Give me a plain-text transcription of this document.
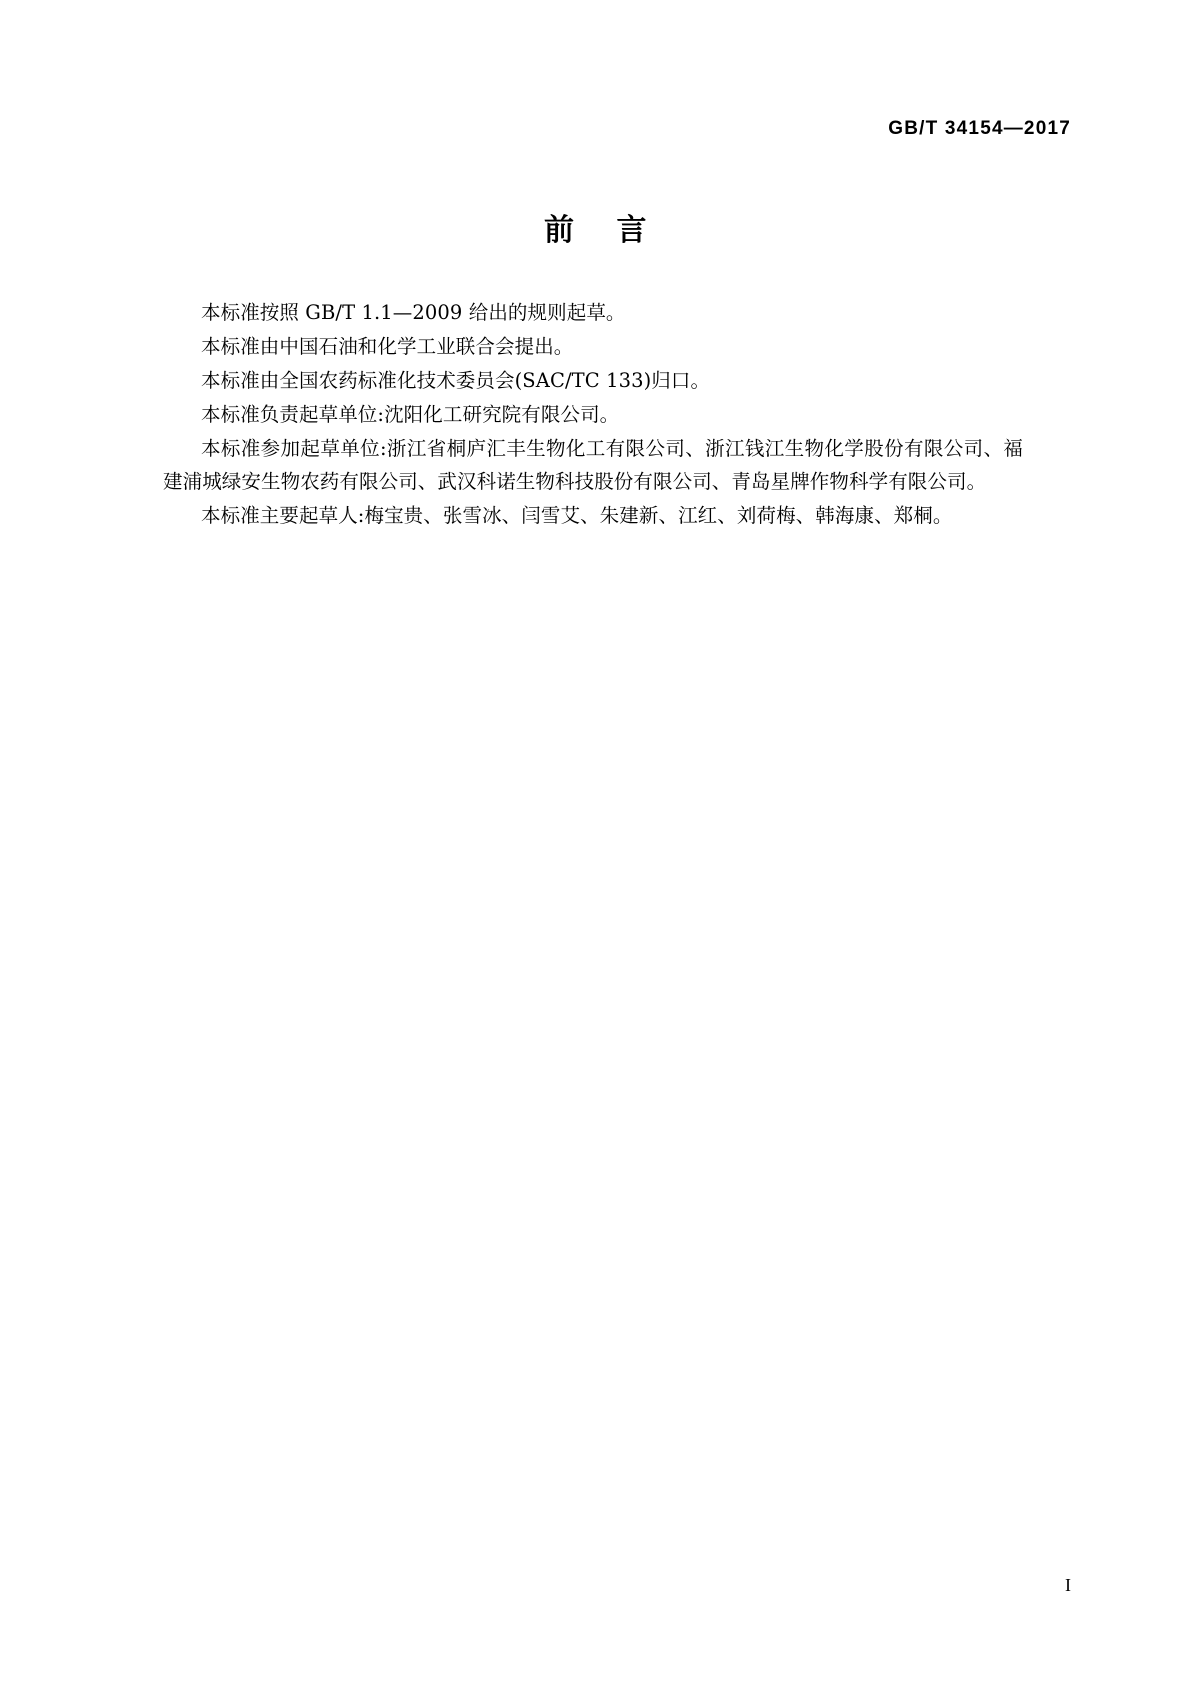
GB/T 34154—2017
前 言

本标准按照 GB/T 1.1—2009 给出的规则起草。

本标准由中国石油和化学工业联合会提出。

本标准由全国农药标准化技术委员会(SAC/TC 133)归口。

本标准负责起草单位:沈阳化工研究院有限公司。

本标准参加起草单位:浙江省桐庐汇丰生物化工有限公司、浙江钱江生物化学股份有限公司、福建浦城绿安生物农药有限公司、武汉科诺生物科技股份有限公司、青岛星牌作物科学有限公司。

本标准主要起草人:梅宝贵、张雪冰、闫雪艾、朱建新、江红、刘荷梅、韩海康、郑桐。

I
